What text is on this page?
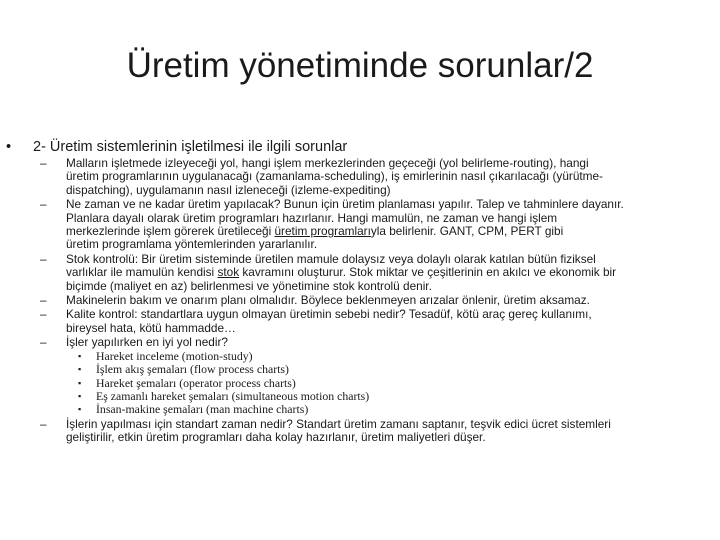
Üretim yönetiminde sorunlar/2
• 2- Üretim sistemlerinin işletilmesi ile ilgili sorunlar
– Malların işletmede izleyeceği yol, hangi işlem merkezlerinden geçeceği (yol belirleme-routing), hangi
üretim programlarının uygulanacağı (zamanlama-scheduling), iş emirlerinin nasıl çıkarılacağı (yürütme-
dispatching), uygulamanın nasıl izleneceği (izleme-expediting)
– Ne zaman ve ne kadar üretim yapılacak? Bunun için üretim planlaması yapılır. Talep ve tahminlere dayanır.
Planlara dayalı olarak üretim programları hazırlanır. Hangi mamulün, ne zaman ve hangi işlem
merkezlerinde işlem görerek üretileceği üretim programlarıyla belirlenir. GANT, CPM, PERT gibi
üretim programlama yöntemlerinden yararlanılır.
– Stok kontrolü: Bir üretim sisteminde üretilen mamule dolaysız veya dolaylı olarak katılan bütün fiziksel
varlıklar ile mamulün kendisi stok kavramını oluşturur. Stok miktar ve çeşitlerinin en akılcı ve ekonomik bir
biçimde (maliyet en az) belirlenmesi ve yönetimine stok kontrolü denir.
– Makinelerin bakım ve onarım planı olmalıdır. Böylece beklenmeyen arızalar önlenir, üretim aksamaz.
– Kalite kontrol: standartlara uygun olmayan üretimin sebebi nedir? Tesadüf, kötü araç gereç kullanımı,
bireysel hata, kötü hammadde…
– İşler yapılırken en iyi yol nedir?
▪ Hareket inceleme (motion-study)
▪ İşlem akış şemaları (flow process charts)
▪ Hareket şemaları (operator process charts)
▪ Eş zamanlı hareket şemaları (simultaneous motion charts)
▪ İnsan-makine şemaları (man machine charts)
– İşlerin yapılması için standart zaman nedir? Standart üretim zamanı saptanır, teşvik edici ücret sistemleri
geliştirilir, etkin üretim programları daha kolay hazırlanır, üretim maliyetleri düşer.
